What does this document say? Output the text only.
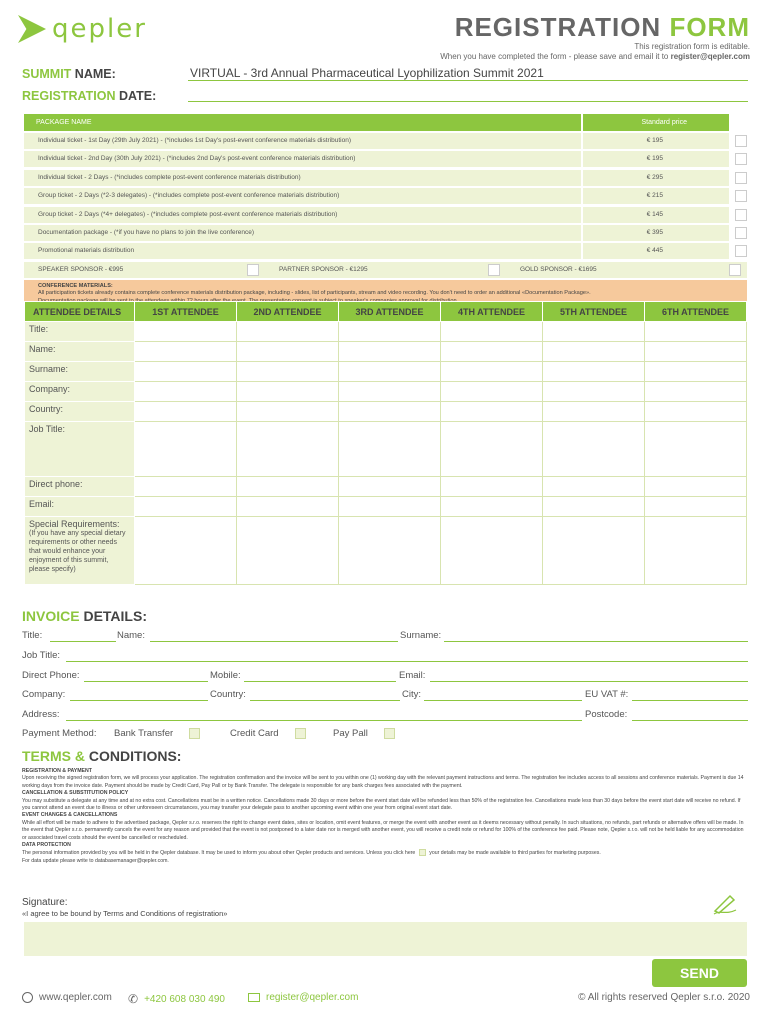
qepler	REGISTRATION FORM
This registration form is editable.
When you have completed the form - please save and email it to register@qepler.com
SUMMIT NAME:	VIRTUAL - 3rd Annual Pharmaceutical Lyophilization Summit 2021
REGISTRATION DATE:
PACKAGE NAME	Standard price
Individual ticket - 1st Day (29th July 2021) - (*includes 1st Day's post-event conference materials distribution)	€ 195
Individual ticket - 2nd Day (30th July 2021) - (*includes 2nd Day's post-event conference materials distribution)	€ 195
Individual ticket - 2 Days - (*includes complete post-event conference materials distribution)	€ 295
Group ticket - 2 Days (*2-3 delegates) - (*includes complete post-event conference materials distribution)	€ 215
Group ticket - 2 Days (*4+ delegates) - (*includes complete post-event conference materials distribution)	€ 145
Documentation package - (*if you have no plans to join the live conference)	€ 395
Promotional materials distribution	€ 445
SPEAKER SPONSOR - €995	PARTNER SPONSOR - €1295	GOLD SPONSOR - €1695
CONFERENCE MATERIALS:
All participation tickets already contains complete conference materials distribution package, including - slides, list of participants, stream and video recording. You don't need to order an additional «Documentation Package».
ATTENDEE DETAILS	1ST ATTENDEE	2ND ATTENDEE	3RD ATTENDEE	4TH ATTENDEE	5TH ATTENDEE	6TH ATTENDEE
Title:						
Name:						
Surname:						
Company:						
Country:						
Job Title:						
Direct phone:						
Email:						
Special Requirements:
(If you have any special dietary requirements or other needs that would enhance your enjoyment of this summit, please specify)						

INVOICE DETAILS:
Title:	Name:	Surname:
Job Title:
Direct Phone:	Mobile:	Email:
Company:	Country:	City:	EU VAT #:
Address:	Postcode:
Payment Method: Bank Transfer	Credit Card	Pay Pall
TERMS & CONDITIONS:
REGISTRATION & PAYMENT
Upon receiving the signed registration form, we will process your application. The registration confirmation and the invoice will be sent to you within one (1) working day with the relevant payment instructions and terms. The registration fee includes access to all sessions and conference materials. Payment is due 14 working days from the invoice date. Payment should be made by Credit Card, Pay Pall or by Bank Transfer. The delegate is responsible for any bank charges fees associated with the payment.
CANCELLATION & SUBSTITUTION POLICY
You may substitute a delegate at any time and at no extra cost. Cancellations must be in a written notice. Cancellations made 30 days or more before the event start date will be refunded less than 50% of the registration fee. Cancellations made less than 30 days before the event start date will receive no refund. If you cannot attend an event due to illness or other unforeseen circumstances, you may transfer your delegate pass to another upcoming event within one year from original event start date.
EVENT CHANGES & CANCELLATIONS
While all effort will be made to adhere to the advertised package, Qepler s.r.o. reserves the right to change event dates, sites or location, omit event features, or merge the event with another event as it deems necessary without penalty. In such situations, no refunds, part refunds or alternative offers will be made. In the event that Qepler s.r.o. permanently cancels the event for any reason and provided that the event is not postponed to a later date nor is merged with another event, you will receive a credit note or refund for 100% of the conference fee paid. Please note, Qepler s.r.o. will not be held liable for any accommodation or associated travel costs should the event be cancelled or rescheduled.
DATA PROTECTION
The personal information provided by you will be held in the Qepler database. It may be used to inform you about other Qepler products and services. Unless you click here	your details may be made available to third parties for marketing purposes.
For data update please write to databasemanager@qepler.com.
Signature:
«I agree to be bound by Terms and Conditions of registration»
SEND
www.qepler.com ✆ +420 608 030 490	register@qepler.com	© All rights reserved Qepler s.r.o. 2020
